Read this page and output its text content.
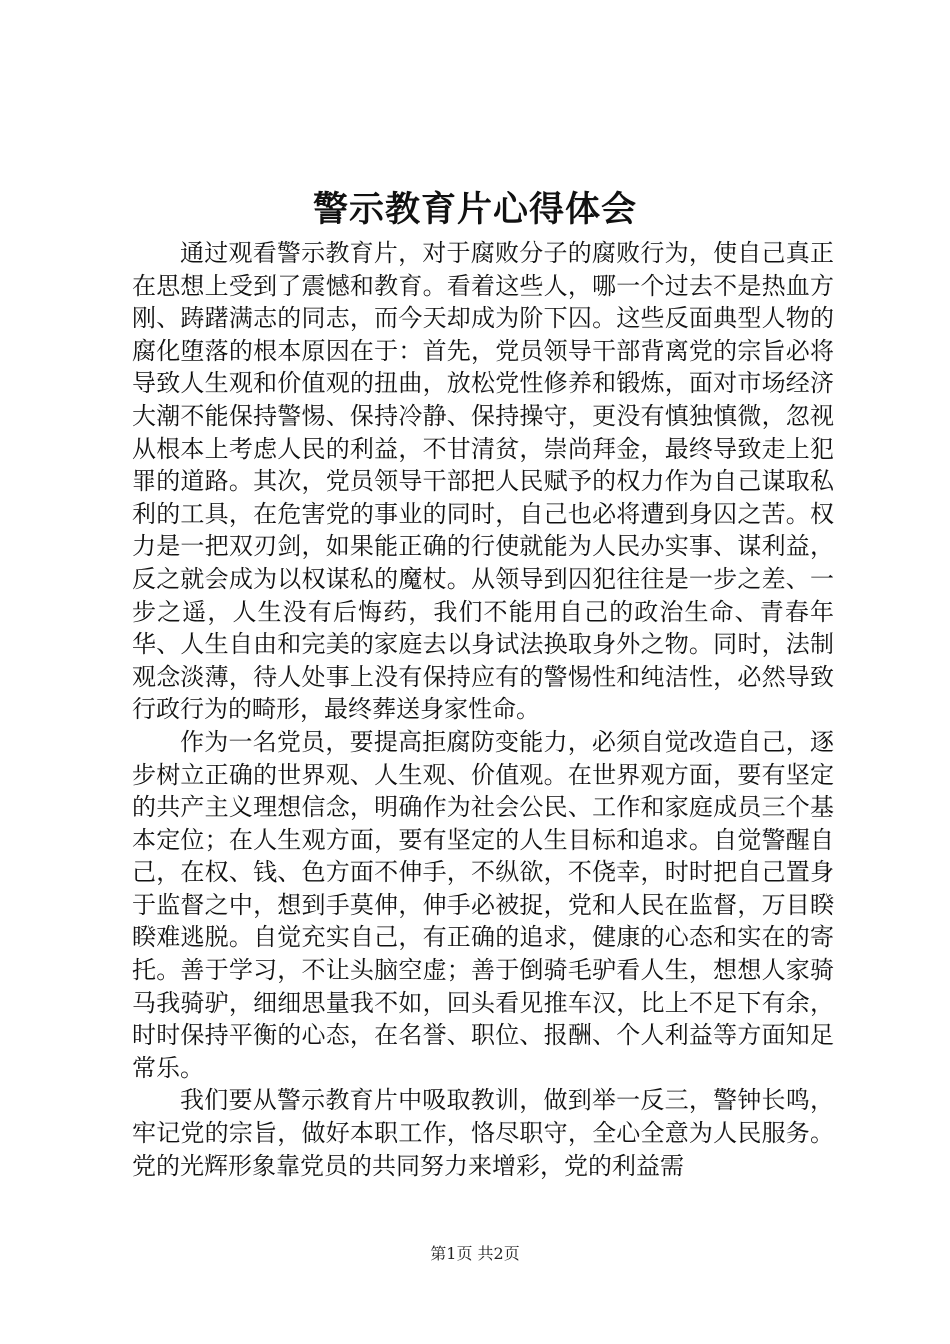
警示教育片心得体会

通过观看警示教育片，对于腐败分子的腐败行为，使自己真正在思想上受到了震憾和教育。看着这些人，哪一个过去不是热血方刚、踌躇满志的同志，而今天却成为阶下囚。这些反面典型人物的腐化堕落的根本原因在于：首先，党员领导干部背离党的宗旨必将导致人生观和价值观的扭曲，放松党性修养和锻炼，面对市场经济大潮不能保持警惕、保持冷静、保持操守，更没有慎独慎微，忽视从根本上考虑人民的利益，不甘清贫，崇尚拜金，最终导致走上犯罪的道路。其次，党员领导干部把人民赋予的权力作为自己谋取私利的工具，在危害党的事业的同时，自己也必将遭到身囚之苦。权力是一把双刃剑，如果能正确的行使就能为人民办实事、谋利益，反之就会成为以权谋私的魔杖。从领导到囚犯往往是一步之差、一步之遥，人生没有后悔药，我们不能用自己的政治生命、青春年华、人生自由和完美的家庭去以身试法换取身外之物。同时，法制观念淡薄，待人处事上没有保持应有的警惕性和纯洁性，必然导致行政行为的畸形，最终葬送身家性命。

作为一名党员，要提高拒腐防变能力，必须自觉改造自己，逐步树立正确的世界观、人生观、价值观。在世界观方面，要有坚定的共产主义理想信念，明确作为社会公民、工作和家庭成员三个基本定位；在人生观方面，要有坚定的人生目标和追求。自觉警醒自己，在权、钱、色方面不伸手，不纵欲，不侥幸，时时把自己置身于监督之中，想到手莫伸，伸手必被捉，党和人民在监督，万目睽睽难逃脱。自觉充实自己，有正确的追求，健康的心态和实在的寄托。善于学习，不让头脑空虚；善于倒骑毛驴看人生，想想人家骑马我骑驴，细细思量我不如，回头看见推车汉，比上不足下有余，时时保持平衡的心态，在名誉、职位、报酬、个人利益等方面知足常乐。

我们要从警示教育片中吸取教训，做到举一反三，警钟长鸣，牢记党的宗旨，做好本职工作，恪尽职守，全心全意为人民服务。党的光辉形象靠党员的共同努力来增彩，党的利益需

第1页 共2页
